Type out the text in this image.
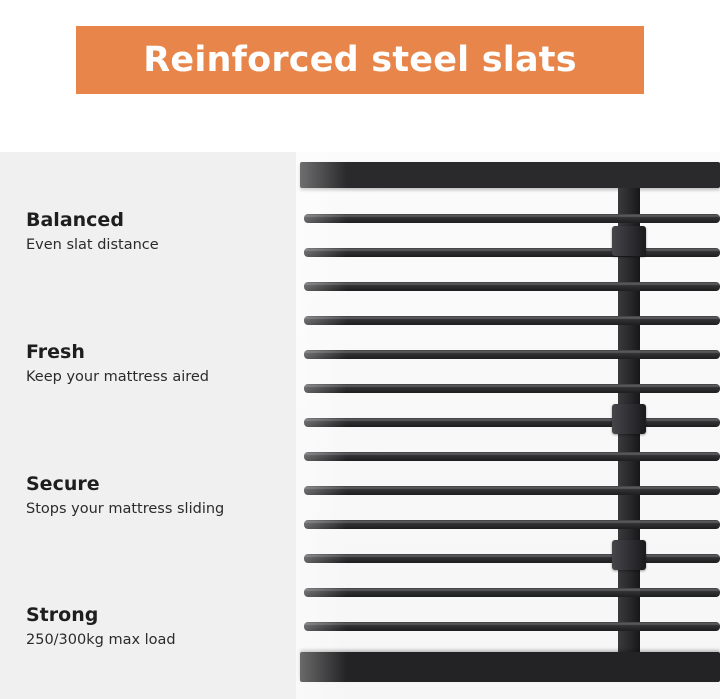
Reinforced steel slats

Balanced

Even slat distance

Fresh

Keep your mattress aired

Secure

Stops your mattress sliding

Strong

250/300kg max load
